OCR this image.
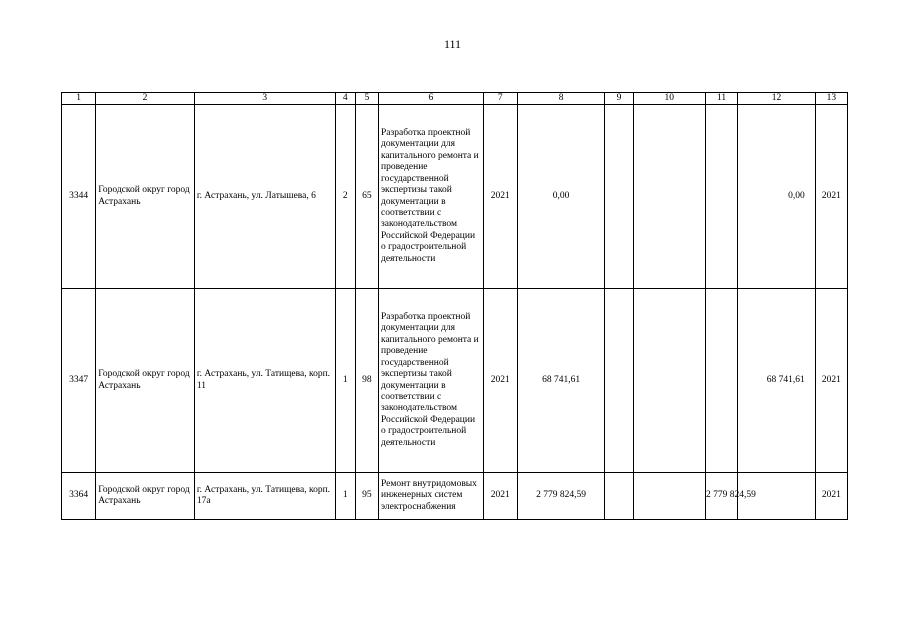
111
1	2	3	4	5	6	7	8	9	10	11	12	13
3344	Городской округ город Астрахань	г. Астрахань, ул. Латышева, 6	2	65	Разработка проектной документации для капитального ремонта и проведение государственной экспертизы такой документации в соответствии с законодательством Российской Федерации о градостроительной деятельности	2021	0,00				0,00	2021
3347	Городской округ город Астрахань	г. Астрахань, ул. Татищева, корп. 11	1	98	Разработка проектной документации для капитального ремонта и проведение государственной экспертизы такой документации в соответствии с законодательством Российской Федерации о градостроительной деятельности	2021	68 741,61				68 741,61	2021
3364	Городской округ город Астрахань	г. Астрахань, ул. Татищева, корп. 17а	1	95	Ремонт внутридомовых инженерных систем электроснабжения	2021	2 779 824,59			2 779 824,59		2021
